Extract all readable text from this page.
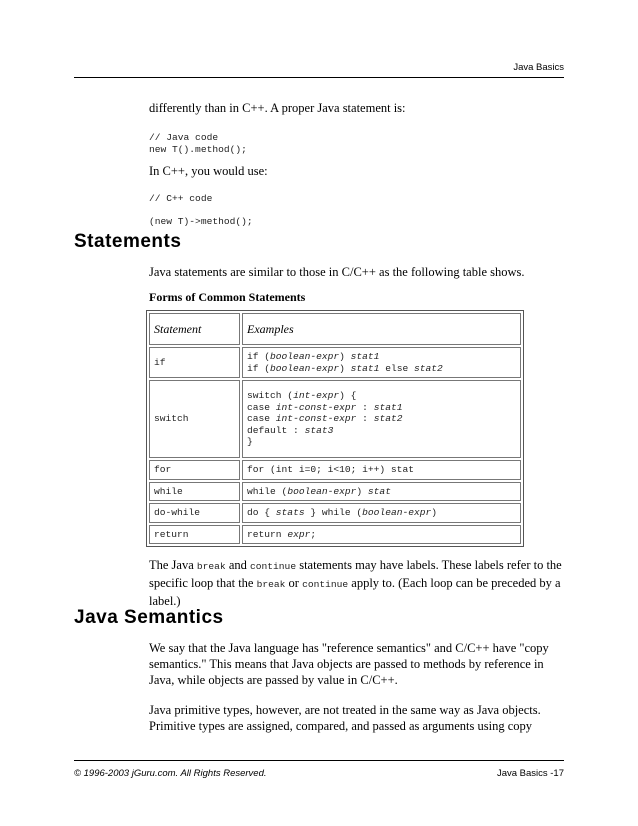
Java Basics
differently than in C++. A proper Java statement is:
// Java code
new T().method();
In C++, you would use:
// C++ code
(new T)->method();
Statements
Java statements are similar to those in C/C++ as the following table shows.
Forms of Common Statements
Statement	Examples
if	if (boolean-expr) stat1
if (boolean-expr) stat1 else stat2

switch	switch (int-expr) {
case int-const-expr : stat1
case int-const-expr : stat2
default : stat3
}

for	for (int i=0; i<10; i++) stat

while	while (boolean-expr) stat

do-while	do { stats } while (boolean-expr)

return	return expr;
The Java break and continue statements may have labels. These labels refer to the specific loop that the break or continue apply to. (Each loop can be preceded by a label.)
Java Semantics
We say that the Java language has "reference semantics" and C/C++ have "copy semantics." This means that Java objects are passed to methods by reference in Java, while objects are passed by value in C/C++.
Java primitive types, however, are not treated in the same way as Java objects. Primitive types are assigned, compared, and passed as arguments using copy
© 1996-2003 jGuru.com. All Rights Reserved.	Java Basics -17
